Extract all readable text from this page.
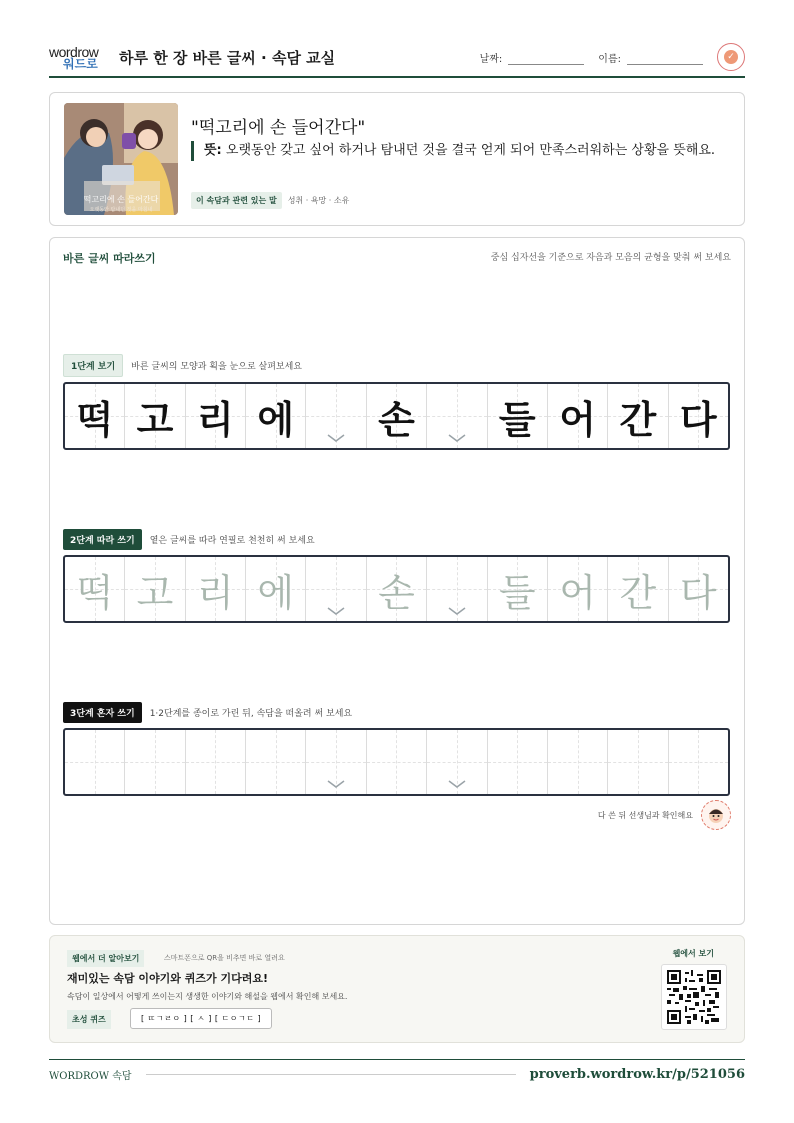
wordrow
워드로 하루 한 장 바른 글씨 · 속담 교실	날짜:	이름:	✓
떡고리에 손 들어간다
오랫동안 탐내던 것을 마침내
"떡고리에 손 들어간다"
뜻: 오랫동안 갖고 싶어 하거나 탐내던 것을 결국 얻게 되어 만족스러워하는 상황을 뜻해요.
이 속담과 관련 있는 말	성취 · 욕망 · 소유
바른 글씨 따라쓰기	중심 십자선을 기준으로 자음과 모음의 균형을 맞춰 써 보세요
1단계 보기	바른 글씨의 모양과 획을 눈으로 살펴보세요
떡 고 리 에 손 들 어 간 다
2단계 따라 쓰기	옅은 글씨를 따라 연필로 천천히 써 보세요
떡 고 리 에 손 들 어 간 다
3단계 혼자 쓰기	1·2단계를 종이로 가린 뒤, 속담을 떠올려 써 보세요
다 쓴 뒤 선생님과 확인해요
웹에서 더 알아보기	스마트폰으로 QR을 비추면 바로 열려요
재미있는 속담 이야기와 퀴즈가 기다려요!
속담이 일상에서 어떻게 쓰이는지 생생한 이야기와 해설을 웹에서 확인해 보세요.
초성 퀴즈	[ ㄸㄱㄹㅇ ] [ ㅅ ] [ ㄷㅇㄱㄷ ]
웹에서 보기
WORDROW 속담	proverb.wordrow.kr/p/521056
